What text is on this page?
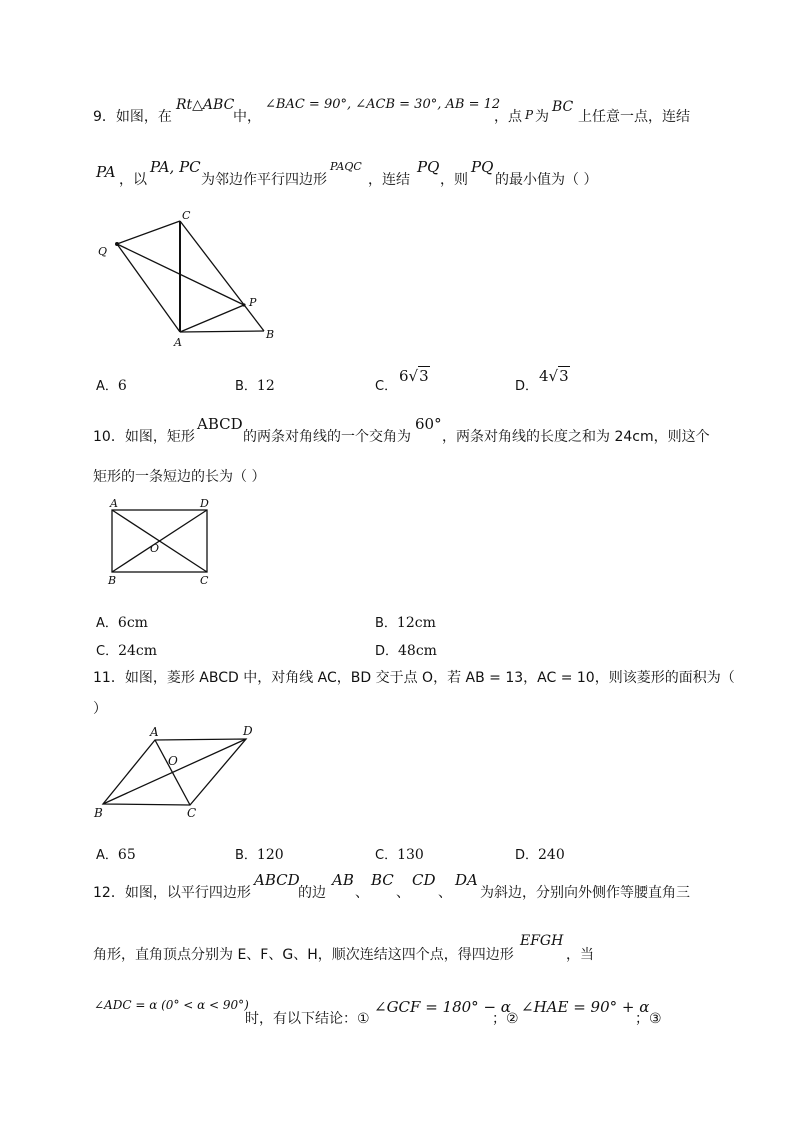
9．如图，在
Rt△ABC
中，
∠BAC = 90°, ∠ACB = 30°, AB = 12
，点 P 为
BC
上任意一点，连结
PA ，以
PA, PC
为邻边作平行四边形
PAQC
，连结
PQ
，则
PQ
的最小值为（ ）
C
Q
P
A
B
A．6	B．12	C．
6√3
D．
4√3
10．如图，矩形
ABCD
的两条对角线的一个交角为
60°
，两条对角线的长度之和为 24cm，则这个
矩形的一条短边的长为（ ）
A	D
O
B	C
A．6cm	B．12cm
C．24cm	D．48cm
11．如图，菱形 ABCD 中，对角线 AC，BD 交于点 O，若 AB = 13，AC = 10，则该菱形的面积为（
）
A	D
O
B	C
A．65	B．120	C．130	D．240
12．如图，以平行四边形
ABCD
的边
AB
、
BC
、
CD
、
DA
为斜边，分别向外侧作等腰直角三
角形，直角顶点分别为 E、F、G、H，顺次连结这四个点，得四边形
EFGH
，当
∠ADC = α (0° < α < 90°)
时，有以下结论：①
∠GCF = 180° − α
；②
∠HAE = 90° + α
；③
